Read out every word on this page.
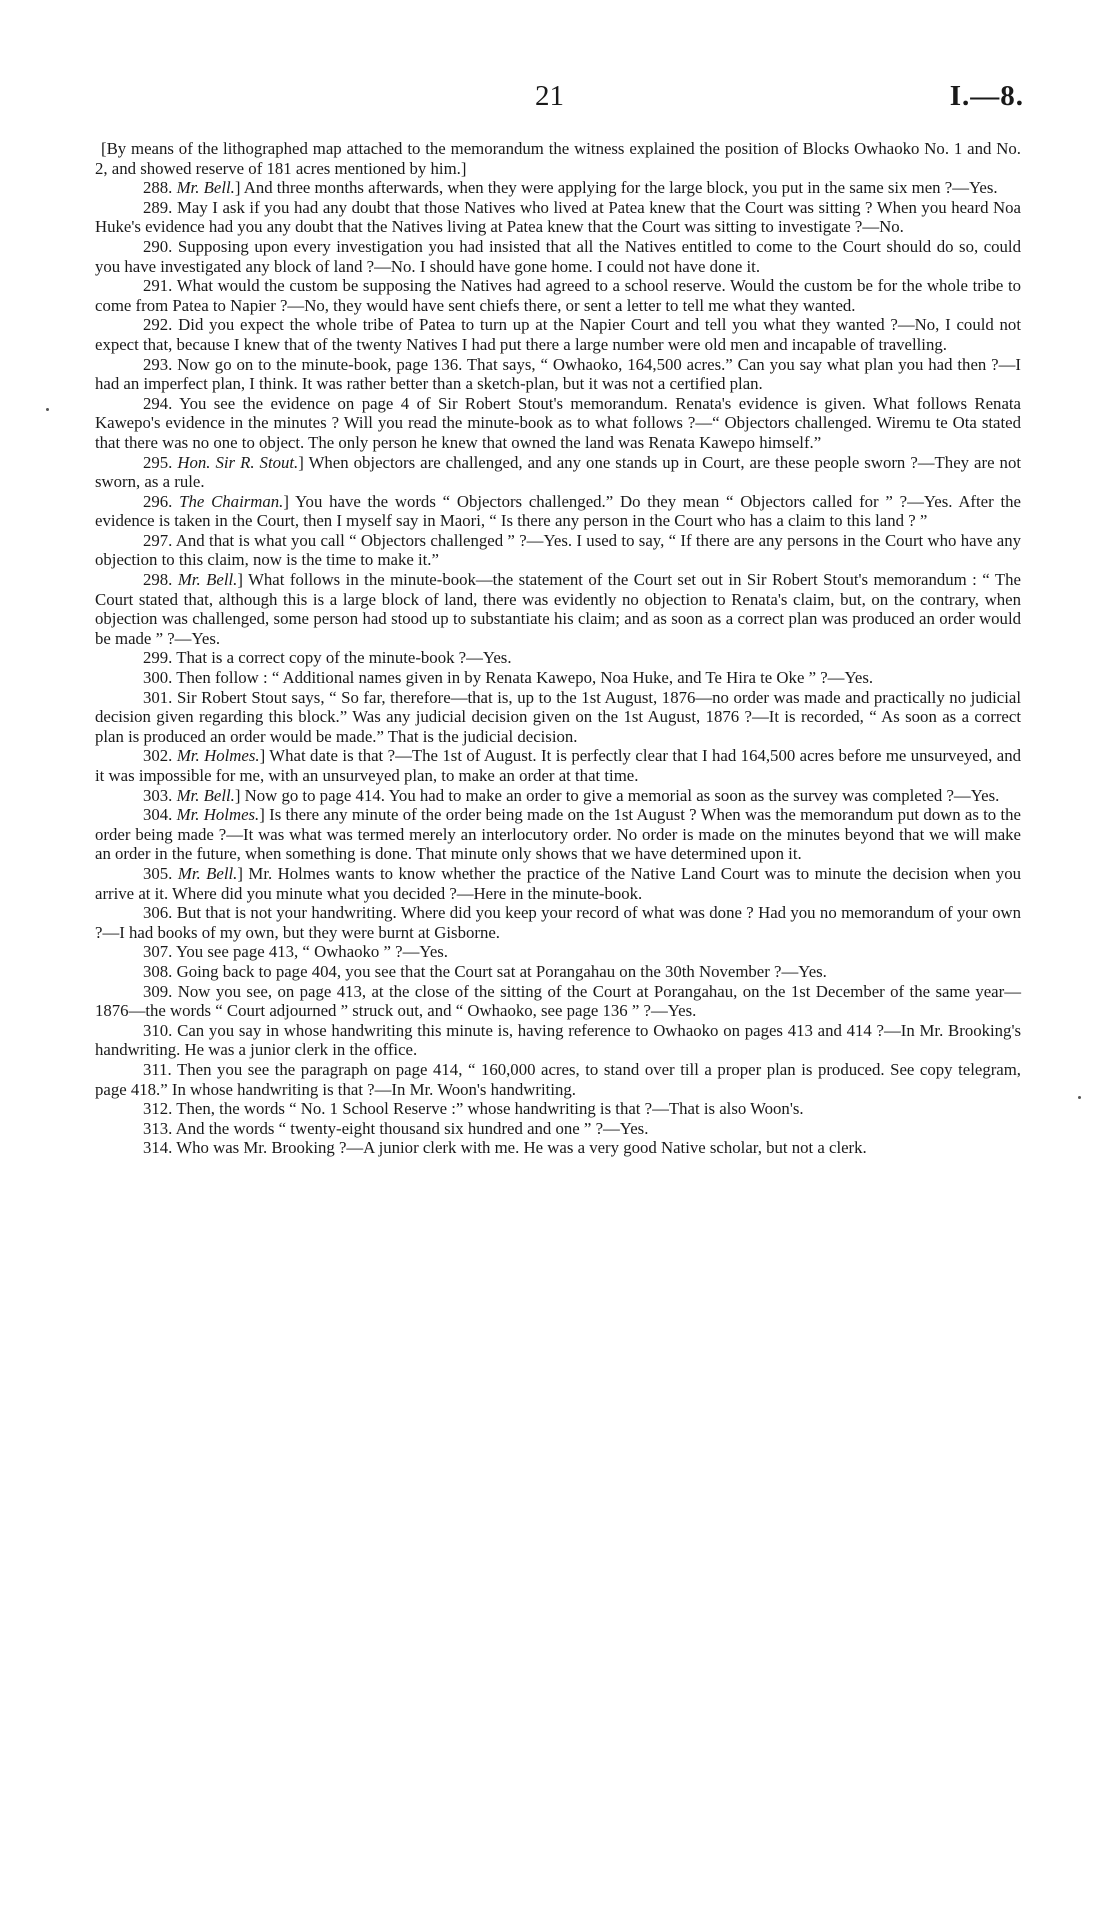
21	I.—8.

[By means of the lithographed map attached to the memorandum the witness explained the position of Blocks Owhaoko No. 1 and No. 2, and showed reserve of 181 acres mentioned by him.]

288. Mr. Bell.] And three months afterwards, when they were applying for the large block, you put in the same six men ?—Yes.

289. May I ask if you had any doubt that those Natives who lived at Patea knew that the Court was sitting ? When you heard Noa Huke's evidence had you any doubt that the Natives living at Patea knew that the Court was sitting to investigate ?—No.

290. Supposing upon every investigation you had insisted that all the Natives entitled to come to the Court should do so, could you have investigated any block of land ?—No. I should have gone home. I could not have done it.

291. What would the custom be supposing the Natives had agreed to a school reserve. Would the custom be for the whole tribe to come from Patea to Napier ?—No, they would have sent chiefs there, or sent a letter to tell me what they wanted.

292. Did you expect the whole tribe of Patea to turn up at the Napier Court and tell you what they wanted ?—No, I could not expect that, because I knew that of the twenty Natives I had put there a large number were old men and incapable of travelling.

293. Now go on to the minute-book, page 136. That says, “ Owhaoko, 164,500 acres.” Can you say what plan you had then ?—I had an imperfect plan, I think. It was rather better than a sketch-plan, but it was not a certified plan.

294. You see the evidence on page 4 of Sir Robert Stout's memorandum. Renata's evidence is given. What follows Renata Kawepo's evidence in the minutes ? Will you read the minute-book as to what follows ?—“ Objectors challenged. Wiremu te Ota stated that there was no one to object. The only person he knew that owned the land was Renata Kawepo himself.”

295. Hon. Sir R. Stout.] When objectors are challenged, and any one stands up in Court, are these people sworn ?—They are not sworn, as a rule.

296. The Chairman.] You have the words “ Objectors challenged.” Do they mean “ Objectors called for ” ?—Yes. After the evidence is taken in the Court, then I myself say in Maori, “ Is there any person in the Court who has a claim to this land ? ”

297. And that is what you call “ Objectors challenged ” ?—Yes. I used to say, “ If there are any persons in the Court who have any objection to this claim, now is the time to make it.”

298. Mr. Bell.] What follows in the minute-book—the statement of the Court set out in Sir Robert Stout's memorandum : “ The Court stated that, although this is a large block of land, there was evidently no objection to Renata's claim, but, on the contrary, when objection was challenged, some person had stood up to substantiate his claim; and as soon as a correct plan was produced an order would be made ” ?—Yes.

299. That is a correct copy of the minute-book ?—Yes.

300. Then follow : “ Additional names given in by Renata Kawepo, Noa Huke, and Te Hira te Oke ” ?—Yes.

301. Sir Robert Stout says, “ So far, therefore—that is, up to the 1st August, 1876—no order was made and practically no judicial decision given regarding this block.” Was any judicial decision given on the 1st August, 1876 ?—It is recorded, “ As soon as a correct plan is produced an order would be made.” That is the judicial decision.

302. Mr. Holmes.] What date is that ?—The 1st of August. It is perfectly clear that I had 164,500 acres before me unsurveyed, and it was impossible for me, with an unsurveyed plan, to make an order at that time.

303. Mr. Bell.] Now go to page 414. You had to make an order to give a memorial as soon as the survey was completed ?—Yes.

304. Mr. Holmes.] Is there any minute of the order being made on the 1st August ? When was the memorandum put down as to the order being made ?—It was what was termed merely an interlocutory order. No order is made on the minutes beyond that we will make an order in the future, when something is done. That minute only shows that we have determined upon it.

305. Mr. Bell.] Mr. Holmes wants to know whether the practice of the Native Land Court was to minute the decision when you arrive at it. Where did you minute what you decided ?—Here in the minute-book.

306. But that is not your handwriting. Where did you keep your record of what was done ? Had you no memorandum of your own ?—I had books of my own, but they were burnt at Gisborne.

307. You see page 413, “ Owhaoko ” ?—Yes.

308. Going back to page 404, you see that the Court sat at Porangahau on the 30th November ?—Yes.

309. Now you see, on page 413, at the close of the sitting of the Court at Porangahau, on the 1st December of the same year—1876—the words “ Court adjourned ” struck out, and “ Owhaoko, see page 136 ” ?—Yes.

310. Can you say in whose handwriting this minute is, having reference to Owhaoko on pages 413 and 414 ?—In Mr. Brooking's handwriting. He was a junior clerk in the office.

311. Then you see the paragraph on page 414, “ 160,000 acres, to stand over till a proper plan is produced. See copy telegram, page 418.” In whose handwriting is that ?—In Mr. Woon's handwriting.

312. Then, the words “ No. 1 School Reserve :” whose handwriting is that ?—That is also Woon's.

313. And the words “ twenty-eight thousand six hundred and one ” ?—Yes.

314. Who was Mr. Brooking ?—A junior clerk with me. He was a very good Native scholar, but not a clerk.
